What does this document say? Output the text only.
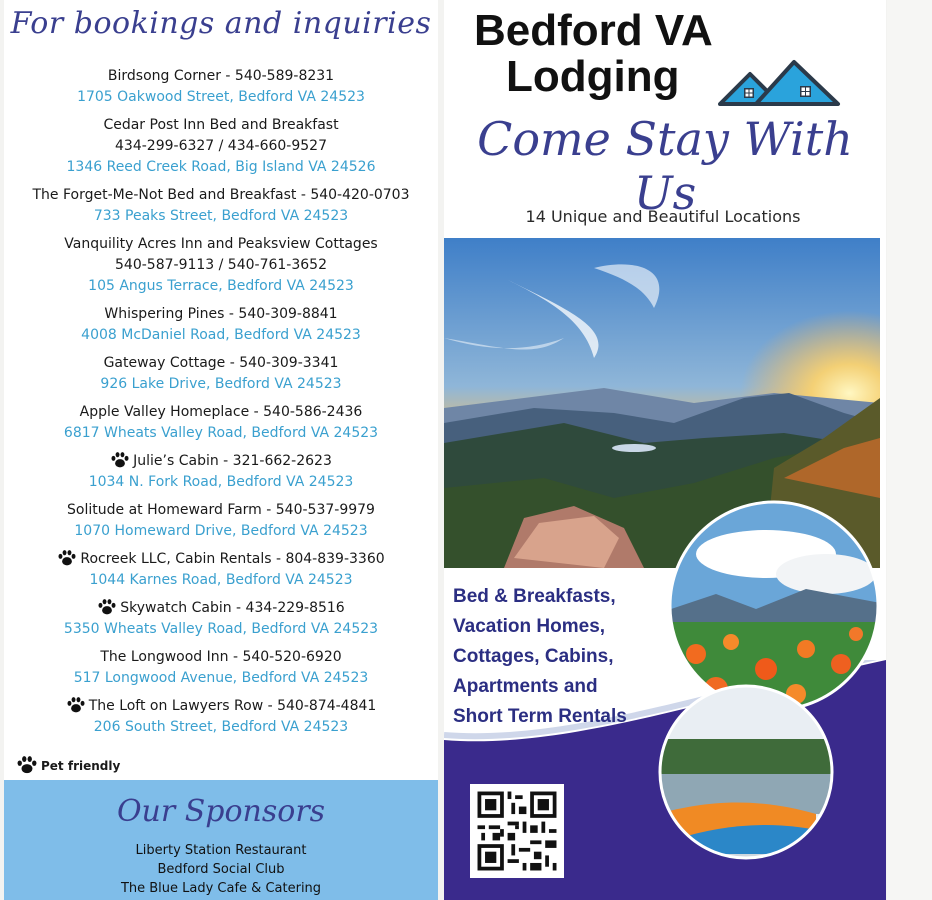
For bookings and inquiries
Birdsong Corner - 540-589-8231
1705 Oakwood Street, Bedford VA 24523
Cedar Post Inn Bed and Breakfast
434-299-6327 / 434-660-9527
1346 Reed Creek Road, Big Island VA 24526
The Forget-Me-Not Bed and Breakfast - 540-420-0703
733 Peaks Street, Bedford VA 24523
Vanquility Acres Inn and Peaksview Cottages
540-587-9113 / 540-761-3652
105 Angus Terrace, Bedford VA 24523
Whispering Pines - 540-309-8841
4008 McDaniel Road, Bedford VA 24523
Gateway Cottage - 540-309-3341
926 Lake Drive, Bedford VA 24523
Apple Valley Homeplace - 540-586-2436
6817 Wheats Valley Road, Bedford VA 24523
Julie’s Cabin - 321-662-2623
1034 N. Fork Road, Bedford VA 24523
Solitude at Homeward Farm - 540-537-9979
1070 Homeward Drive, Bedford VA 24523
Rocreek LLC, Cabin Rentals - 804-839-3360
1044 Karnes Road, Bedford VA 24523
Skywatch Cabin - 434-229-8516
5350 Wheats Valley Road, Bedford VA 24523
The Longwood Inn - 540-520-6920
517 Longwood Avenue, Bedford VA 24523
The Loft on Lawyers Row - 540-874-4841
206 South Street, Bedford VA 24523
Pet friendly
Our Sponsors
Liberty Station Restaurant
Bedford Social Club
The Blue Lady Cafe & Catering
Bedford VA
Lodging
Come Stay With Us
14 Unique and Beautiful Locations
Bed & Breakfasts,
Vacation Homes,
Cottages, Cabins,
Apartments and
Short Term Rentals
